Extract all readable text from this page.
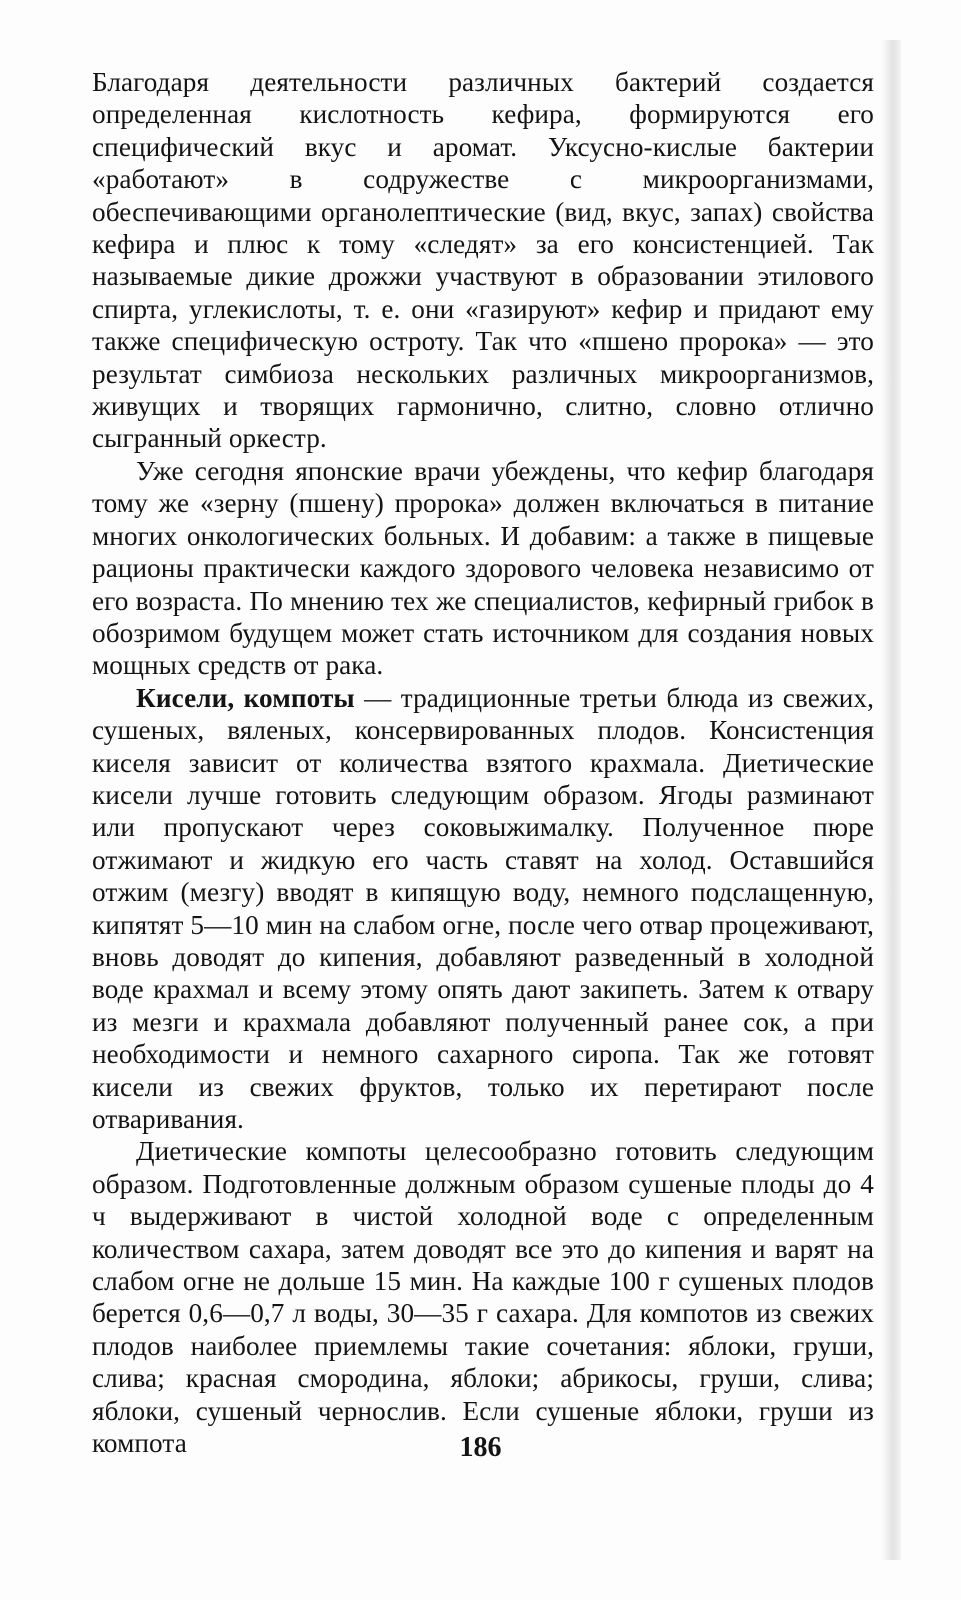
Благодаря деятельности различных бактерий создается определенная кислотность кефира, формируются его специфический вкус и аромат. Уксусно-кислые бактерии «работают» в содружестве с микроорганизмами, обеспечивающими органолептические (вид, вкус, запах) свойства кефира и плюс к тому «следят» за его консистенцией. Так называемые дикие дрожжи участвуют в образовании этилового спирта, углекислоты, т. е. они «газируют» кефир и придают ему также специфическую остроту. Так что «пшено пророка» — это результат симбиоза нескольких различных микроорганизмов, живущих и творящих гармонично, слитно, словно отлично сыгранный оркестр.

Уже сегодня японские врачи убеждены, что кефир благодаря тому же «зерну (пшену) пророка» должен включаться в питание многих онкологических больных. И добавим: а также в пищевые рационы практически каждого здорового человека независимо от его возраста. По мнению тех же специалистов, кефирный грибок в обозримом будущем может стать источником для создания новых мощных средств от рака.

Кисели, компоты — традиционные третьи блюда из свежих, сушеных, вяленых, консервированных плодов. Консистенция киселя зависит от количества взятого крахмала. Диетические кисели лучше готовить следующим образом. Ягоды разминают или пропускают через соковыжималку. Полученное пюре отжимают и жидкую его часть ставят на холод. Оставшийся отжим (мезгу) вводят в кипящую воду, немного подслащенную, кипятят 5—10 мин на слабом огне, после чего отвар процеживают, вновь доводят до кипения, добавляют разведенный в холодной воде крахмал и всему этому опять дают закипеть. Затем к отвару из мезги и крахмала добавляют полученный ранее сок, а при необходимости и немного сахарного сиропа. Так же готовят кисели из свежих фруктов, только их перетирают после отваривания.

Диетические компоты целесообразно готовить следующим образом. Подготовленные должным образом сушеные плоды до 4 ч выдерживают в чистой холодной воде с определенным количеством сахара, затем доводят все это до кипения и варят на слабом огне не дольше 15 мин. На каждые 100 г сушеных плодов берется 0,6—0,7 л воды, 30—35 г сахара. Для компотов из свежих плодов наиболее приемлемы такие сочетания: яблоки, груши, слива; красная смородина, яблоки; абрикосы, груши, слива; яблоки, сушеный чернослив. Если сушеные яблоки, груши из компота	186
